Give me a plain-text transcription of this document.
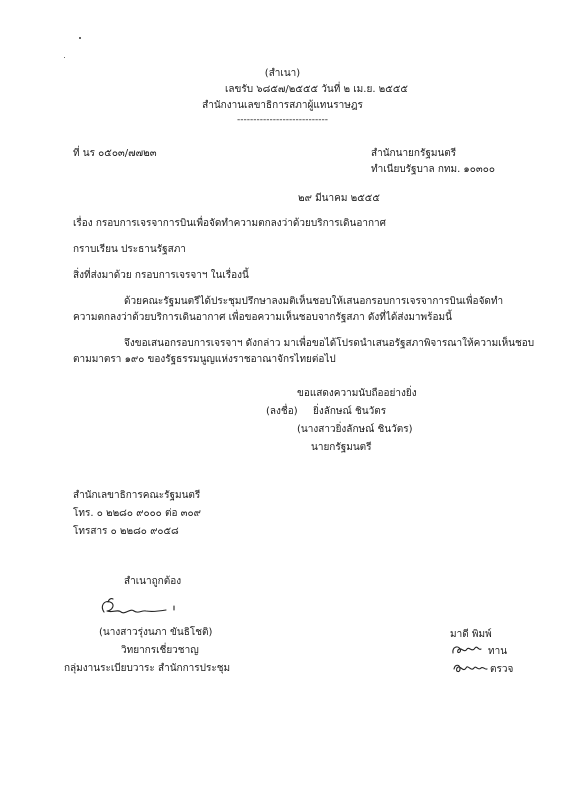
(สำเนา)
เลขรับ ๖๘๕๗/๒๕๕๕ วันที่ ๒ เม.ย. ๒๕๕๕
สำนักงานเลขาธิการสภาผู้แทนราษฎร
----------------------------
ที่ นร ๐๕๐๓/๗๗๒๓	สำนักนายกรัฐมนตรี
ทำเนียบรัฐบาล กทม. ๑๐๓๐๐
๒๙ มีนาคม ๒๕๕๕
เรื่อง กรอบการเจรจาการบินเพื่อจัดทำความตกลงว่าด้วยบริการเดินอากาศ
กราบเรียน ประธานรัฐสภา
สิ่งที่ส่งมาด้วย กรอบการเจรจาฯ ในเรื่องนี้
ด้วยคณะรัฐมนตรีได้ประชุมปรึกษาลงมติเห็นชอบให้เสนอกรอบการเจรจาการบินเพื่อจัดทำ
ความตกลงว่าด้วยบริการเดินอากาศ เพื่อขอความเห็นชอบจากรัฐสภา ดังที่ได้ส่งมาพร้อมนี้
จึงขอเสนอกรอบการเจรจาฯ ดังกล่าว มาเพื่อขอได้โปรดนำเสนอรัฐสภาพิจารณาให้ความเห็นชอบ
ตามมาตรา ๑๙๐ ของรัฐธรรมนูญแห่งราชอาณาจักรไทยต่อไป
ขอแสดงความนับถืออย่างยิ่ง
(ลงชื่อ) ยิ่งลักษณ์ ชินวัตร
(นางสาวยิ่งลักษณ์ ชินวัตร)
นายกรัฐมนตรี
สำนักเลขาธิการคณะรัฐมนตรี
โทร. ๐ ๒๒๘๐ ๙๐๐๐ ต่อ ๓๐๙
โทรสาร ๐ ๒๒๘๐ ๙๐๕๘
สำเนาถูกต้อง
(นางสาวรุ่งนภา ขันธิโชติ)
วิทยากรเชี่ยวชาญ
กลุ่มงานระเบียบวาระ สำนักการประชุม
มาดี พิมพ์
ทาน
ตรวจ
